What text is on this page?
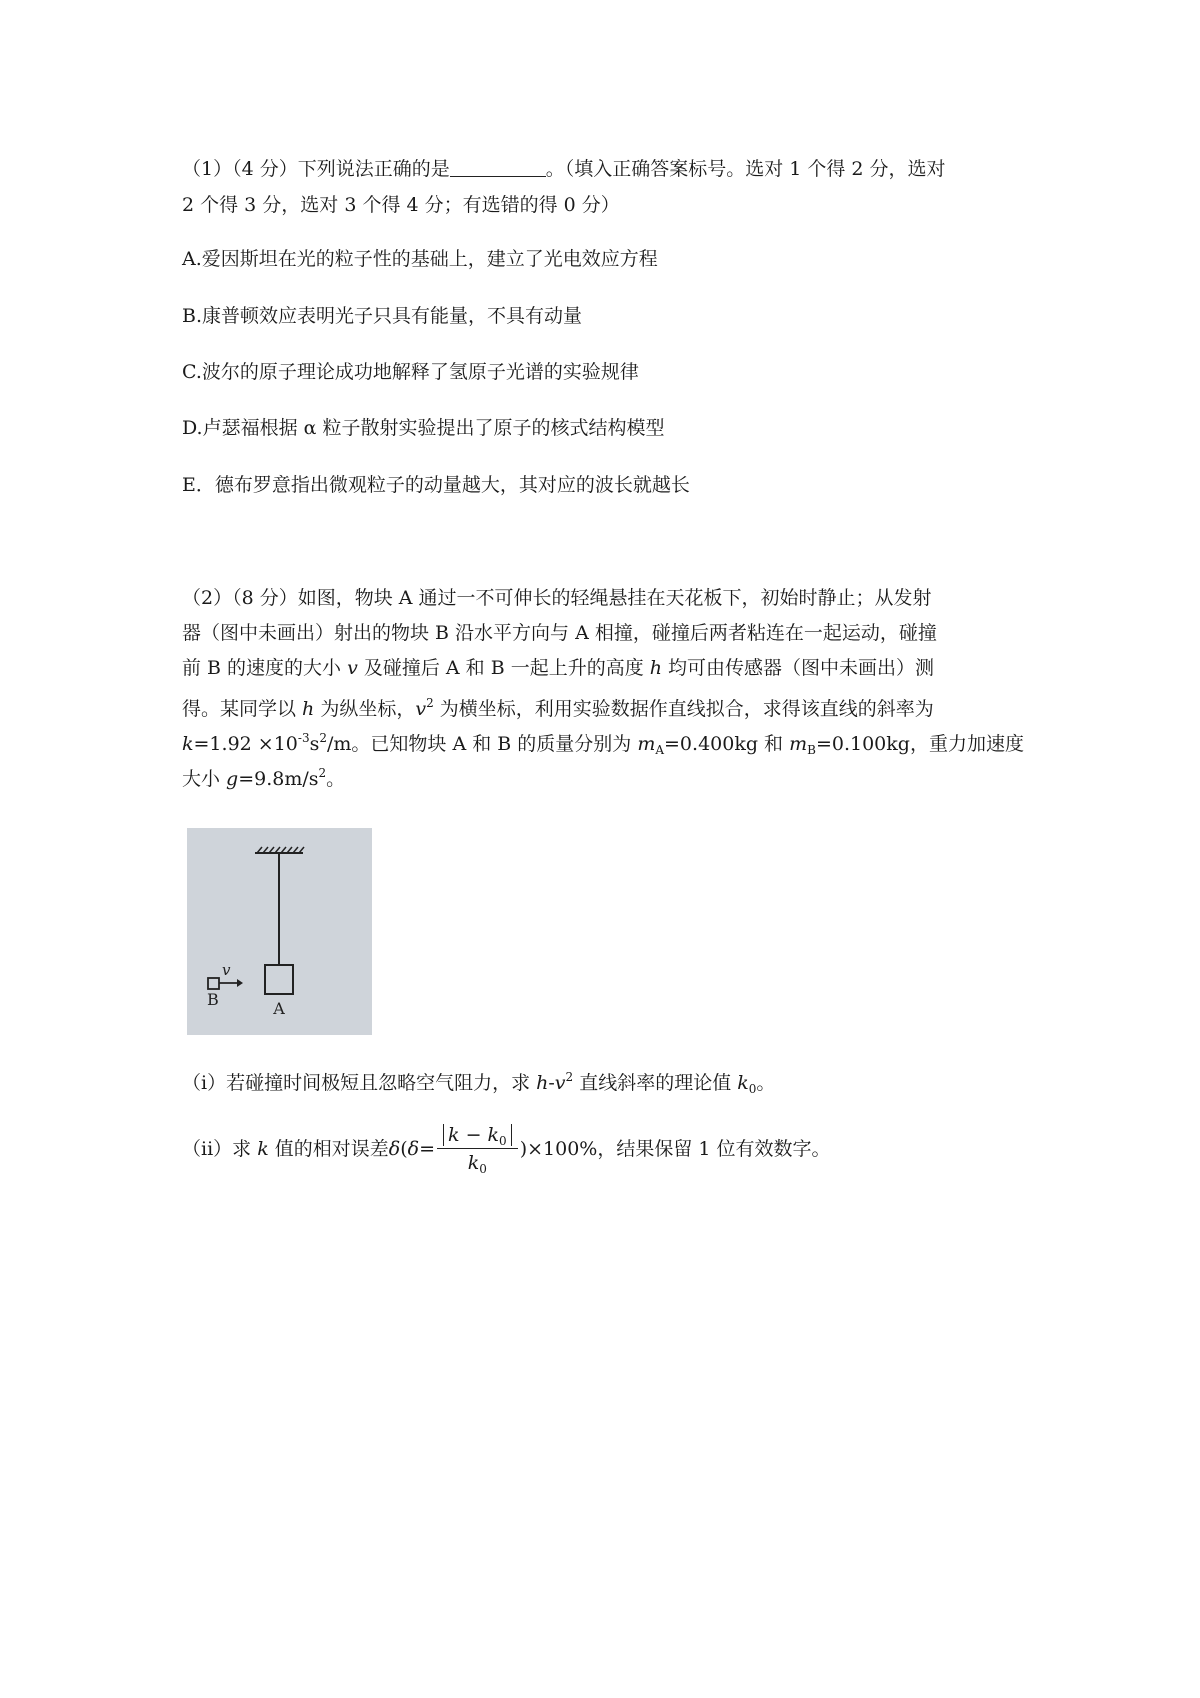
（1）（4 分）下列说法正确的是	。（填入正确答案标号。选对 1 个得 2 分，选对
2 个得 3 分，选对 3 个得 4 分；有选错的得 0 分）
A.爱因斯坦在光的粒子性的基础上，建立了光电效应方程
B.康普顿效应表明光子只具有能量，不具有动量
C.波尔的原子理论成功地解释了氢原子光谱的实验规律
D.卢瑟福根据 α 粒子散射实验提出了原子的核式结构模型
E．德布罗意指出微观粒子的动量越大，其对应的波长就越长
（2）（8 分）如图，物块 A 通过一不可伸长的轻绳悬挂在天花板下，初始时静止；从发射
器（图中未画出）射出的物块 B 沿水平方向与 A 相撞，碰撞后两者粘连在一起运动，碰撞
前 B 的速度的大小 v 及碰撞后 A 和 B 一起上升的高度 h 均可由传感器（图中未画出）测
得。某同学以 h 为纵坐标，$v^2$ 为横坐标，利用实验数据作直线拟合，求得该直线的斜率为
$k=1.92 \times 10^{-3}s^2/m$。已知物块 A 和 B 的质量分别为 $m_A=0.400kg$ 和 $m_B=0.100kg$，重力加速度
大小 $g=9.8m/s^2$。
A
v
B
（i）若碰撞时间极短且忽略空气阻力，求 $h-v^2$ 直线斜率的理论值 $k_0$。
（ii）求 k 值的相对误差$\delta(\delta= \frac{k - k_0}{k_0} )\times 100\%$，结果保留 1 位有效数字。
